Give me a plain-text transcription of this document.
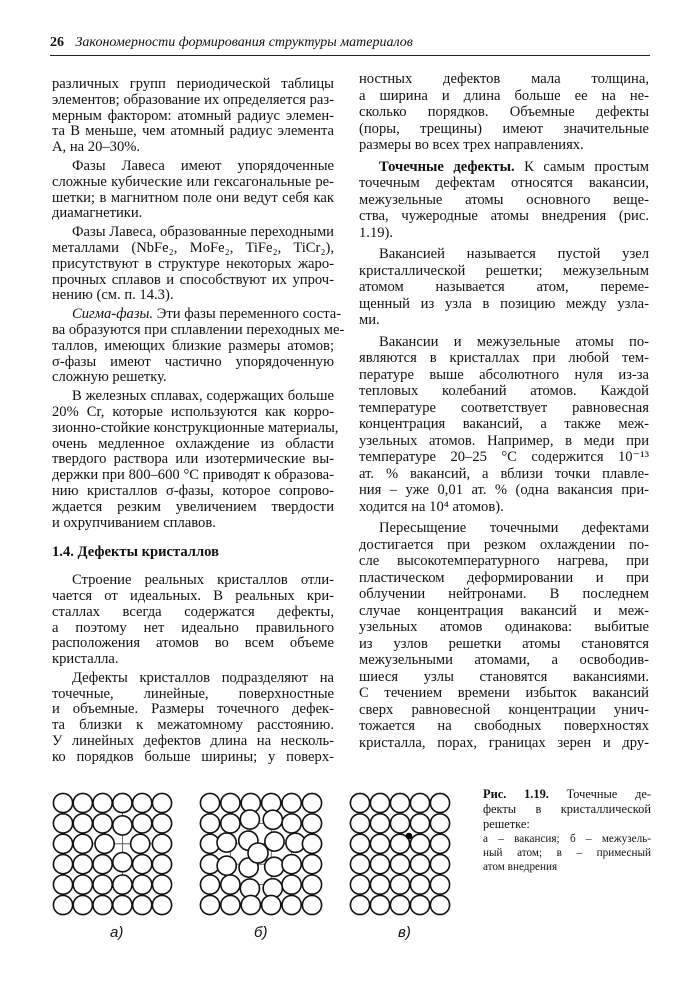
26 Закономерности формирования структуры материалов
различных групп периодической таблицы
элементов; образование их определяется раз-
мерным фактором: атомный радиус элемен-
та В меньше, чем атомный радиус элемента
А, на 20–30%.
Фазы Лавеса имеют упорядоченные
сложные кубические или гексагональные ре-
шетки; в магнитном поле они ведут себя как
диамагнетики.
Фазы Лавеса, образованные переходными
металлами (NbFe₂, MoFe₂, TiFe₂, TiCr₂),
присутствуют в структуре некоторых жаро-
прочных сплавов и способствуют их упроч-
нению (см. п. 14.3).
Сигма-фазы. Эти фазы переменного соста-
ва образуются при сплавлении переходных ме-
таллов, имеющих близкие размеры атомов;
σ-фазы имеют частично упорядоченную
сложную решетку.
В железных сплавах, содержащих больше
20% Cr, которые используются как корро-
зионно-стойкие конструкционные материалы,
очень медленное охлаждение из области
твердого раствора или изотермические вы-
держки при 800–600 °С приводят к образова-
нию кристаллов σ-фазы, которое сопрово-
ждается резким увеличением твердости
и охрупчиванием сплавов.
1.4. Дефекты кристаллов
Строение реальных кристаллов отли-
чается от идеальных. В реальных кри-
сталлах всегда содержатся дефекты,
а поэтому нет идеально правильного
расположения атомов во всем объеме
кристалла.
Дефекты кристаллов подразделяют на
точечные, линейные, поверхностные
и объемные. Размеры точечного дефек-
та близки к межатомному расстоянию.
У линейных дефектов длина на несколь-
ко порядков больше ширины; у поверх-
ностных дефектов мала толщина,
а ширина и длина больше ее на не-
сколько порядков. Объемные дефекты
(поры, трещины) имеют значительные
размеры во всех трех направлениях.
Точечные дефекты. К самым простым
точечным дефектам относятся вакансии,
межузельные атомы основного веще-
ства, чужеродные атомы внедрения (рис.
1.19).
Вакансией называется пустой узел
кристаллической решетки; межузельным
атомом называется атом, переме-
щенный из узла в позицию между узла-
ми.
Вакансии и межузельные атомы по-
являются в кристаллах при любой тем-
пературе выше абсолютного нуля из-за
тепловых колебаний атомов. Каждой
температуре соответствует равновесная
концентрация вакансий, а также меж-
узельных атомов. Например, в меди при
температуре 20–25 °С содержится 10⁻¹³
ат. % вакансий, а вблизи точки плавле-
ния – уже 0,01 ат. % (одна вакансия при-
ходится на 10⁴ атомов).
Пересыщение точечными дефектами
достигается при резком охлаждении по-
сле высокотемпературного нагрева, при
пластическом деформировании и при
облучении нейтронами. В последнем
случае концентрация вакансий и меж-
узельных атомов одинакова: выбитые
из узлов решетки атомы становятся
межузельными атомами, а освободив-
шиеся узлы становятся вакансиями.
С течением времени избыток вакансий
сверх равновесной концентрации унич-
тожается на свободных поверхностях
кристалла, порах, границах зерен и дру-
а)	б)	в)
Рис. 1.19. Точечные де-
фекты в кристаллической
решетке:
а – вакансия; б – межузель-
ный атом; в – примесный
атом внедрения
